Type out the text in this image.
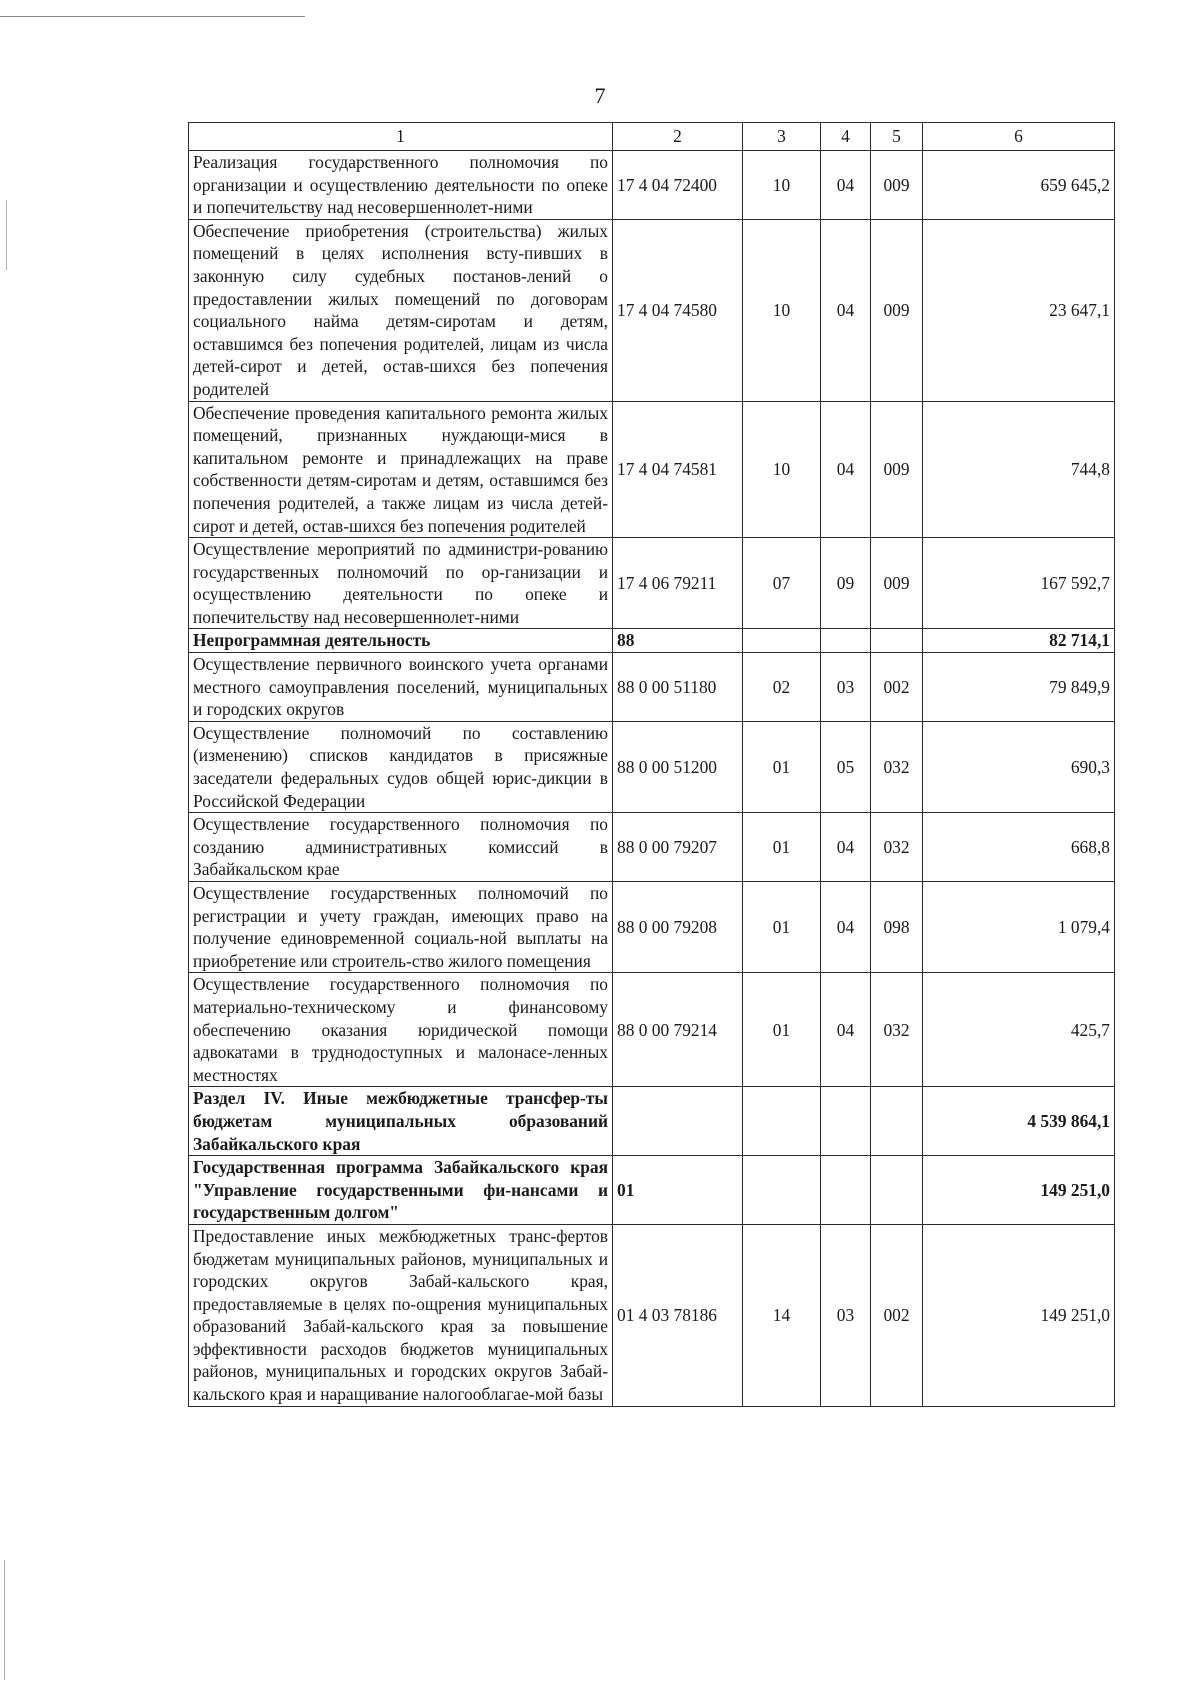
7
1	2	3	4	5	6
Реализация государственного полномочия по организации и осуществлению деятельности по опеке и попечительству над несовершеннолет-ними	17 4 04 72400	10	04	009	659 645,2
Обеспечение приобретения (строительства) жилых помещений в целях исполнения всту-пивших в законную силу судебных постанов-лений о предоставлении жилых помещений по договорам социального найма детям-сиротам и детям, оставшимся без попечения родителей, лицам из числа детей-сирот и детей, остав-шихся без попечения родителей	17 4 04 74580	10	04	009	23 647,1
Обеспечение проведения капитального ремонта жилых помещений, признанных нуждающи-мися в капитальном ремонте и принадлежащих на праве собственности детям-сиротам и детям, оставшимся без попечения родителей, а также лицам из числа детей-сирот и детей, остав-шихся без попечения родителей	17 4 04 74581	10	04	009	744,8
Осуществление мероприятий по администри-рованию государственных полномочий по ор-ганизации и осуществлению деятельности по опеке и попечительству над несовершеннолет-ними	17 4 06 79211	07	09	009	167 592,7
Непрограммная деятельность	88				82 714,1
Осуществление первичного воинского учета органами местного самоуправления поселений, муниципальных и городских округов	88 0 00 51180	02	03	002	79 849,9
Осуществление полномочий по составлению (изменению) списков кандидатов в присяжные заседатели федеральных судов общей юрис-дикции в Российской Федерации	88 0 00 51200	01	05	032	690,3
Осуществление государственного полномочия по созданию административных комиссий в Забайкальском крае	88 0 00 79207	01	04	032	668,8
Осуществление государственных полномочий по регистрации и учету граждан, имеющих право на получение единовременной социаль-ной выплаты на приобретение или строитель-ство жилого помещения	88 0 00 79208	01	04	098	1 079,4
Осуществление государственного полномочия по материально-техническому и финансовому обеспечению оказания юридической помощи адвокатами в труднодоступных и малонасе-ленных местностях	88 0 00 79214	01	04	032	425,7
Раздел IV. Иные межбюджетные трансфер-ты бюджетам муниципальных образований Забайкальского края					4 539 864,1
Государственная программа Забайкальского края "Управление государственными фи-нансами и государственным долгом"	01				149 251,0
Предоставление иных межбюджетных транс-фертов бюджетам муниципальных районов, муниципальных и городских округов Забай-кальского края, предоставляемые в целях по-ощрения муниципальных образований Забай-кальского края за повышение эффективности расходов бюджетов муниципальных районов, муниципальных и городских округов Забай-кальского края и наращивание налогооблагае-мой базы	01 4 03 78186	14	03	002	149 251,0
